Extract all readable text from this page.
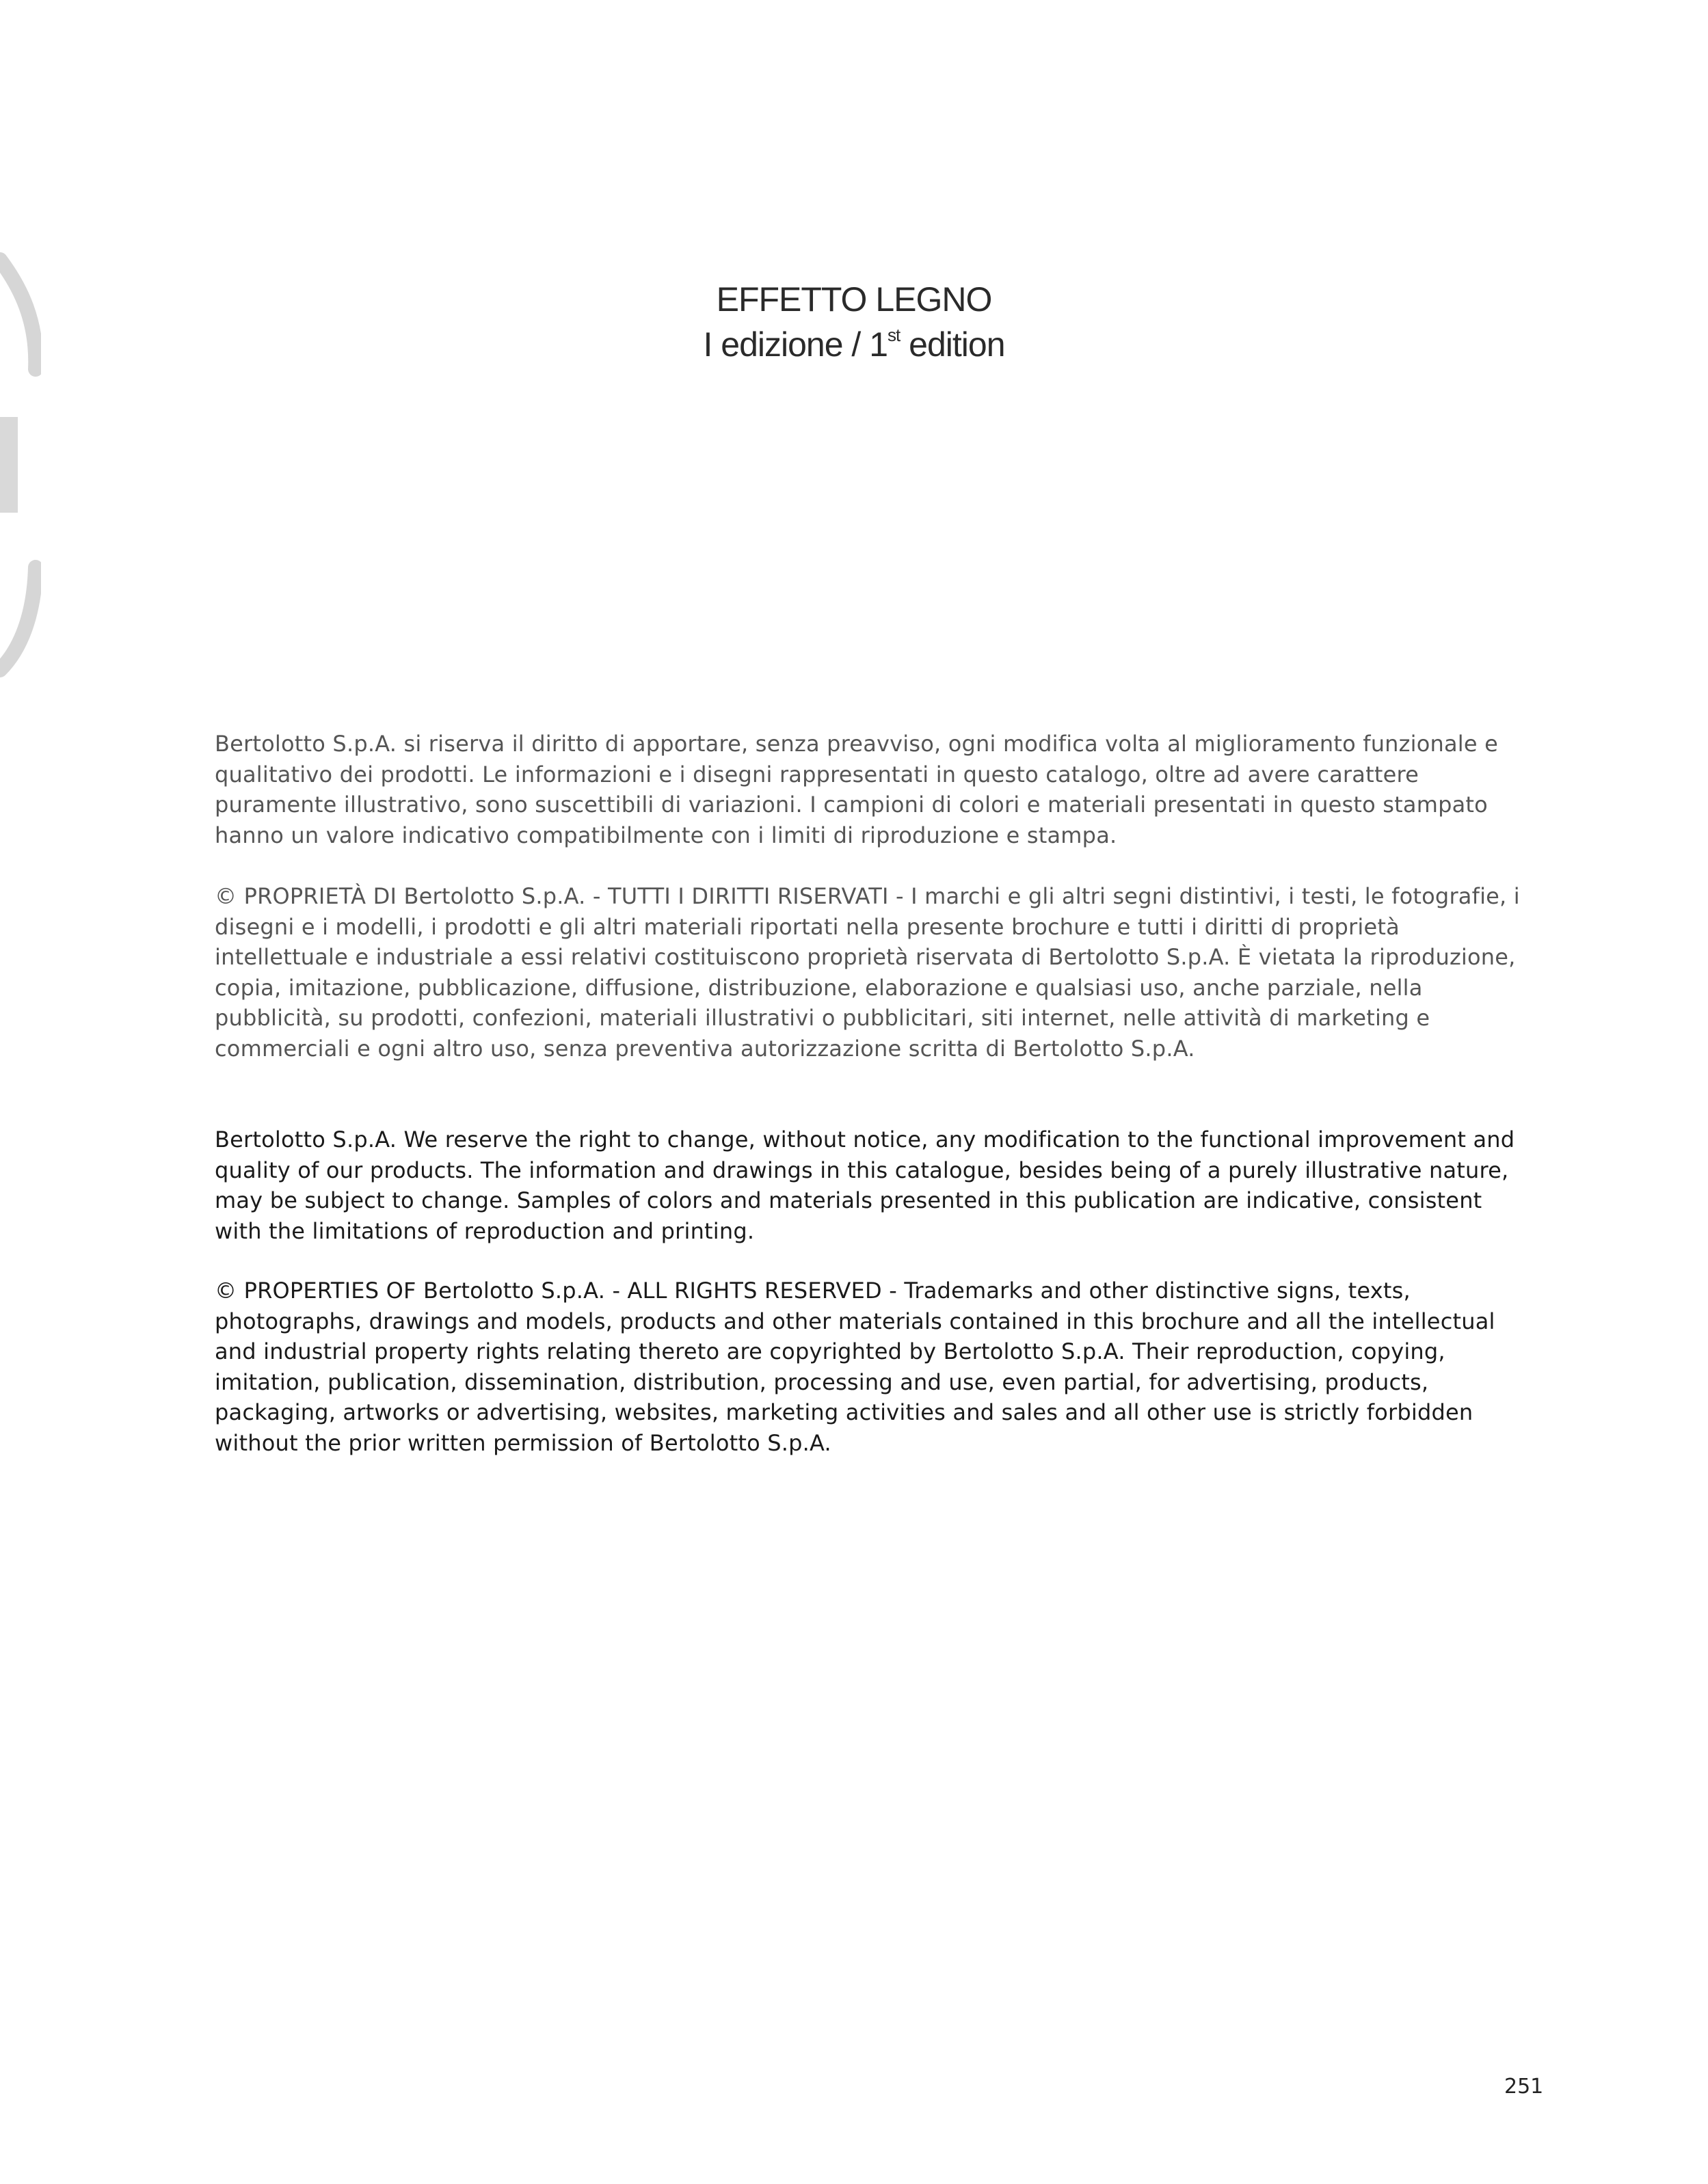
EFFETTO LEGNO
I edizione / 1st edition

Bertolotto S.p.A. si riserva il diritto di apportare, senza preavviso, ogni modifica volta al miglioramento funzionale e qualitativo dei prodotti. Le informazioni e i disegni rappresentati in questo catalogo, oltre ad avere carattere puramente illustrativo, sono suscettibili di variazioni. I campioni di colori e materiali presentati in questo stampato hanno un valore indicativo compatibilmente con i limiti di riproduzione e stampa.

© PROPRIETÀ DI Bertolotto S.p.A. - TUTTI I DIRITTI RISERVATI - I marchi e gli altri segni distintivi, i testi, le fotografie, i disegni e i modelli, i prodotti e gli altri materiali riportati nella presente brochure e tutti i diritti di proprietà intellettuale e industriale a essi relativi costituiscono proprietà riservata di Bertolotto S.p.A. È vietata la riproduzione, copia, imitazione, pubblicazione, diffusione, distribuzione, elaborazione e qualsiasi uso, anche parziale, nella pubblicità, su prodotti, confezioni, materiali illustrativi o pubblicitari, siti internet, nelle attività di marketing e commerciali e ogni altro uso, senza preventiva autorizzazione scritta di Bertolotto S.p.A.

Bertolotto S.p.A. We reserve the right to change, without notice, any modification to the functional improvement and quality of our products. The information and drawings in this catalogue, besides being of a purely illustrative nature, may be subject to change. Samples of colors and materials presented in this publication are indicative, consistent with the limitations of reproduction and printing.

© PROPERTIES OF Bertolotto S.p.A. - ALL RIGHTS RESERVED - Trademarks and other distinctive signs, texts, photographs, drawings and models, products and other materials contained in this brochure and all the intellectual and industrial property rights relating thereto are copyrighted by Bertolotto S.p.A. Their reproduction, copying, imitation, publication, dissemination, distribution, processing and use, even partial, for advertising, products, packaging, artworks or advertising, websites, marketing activities and sales and all other use is strictly forbidden without the prior written permission of Bertolotto S.p.A.

251
